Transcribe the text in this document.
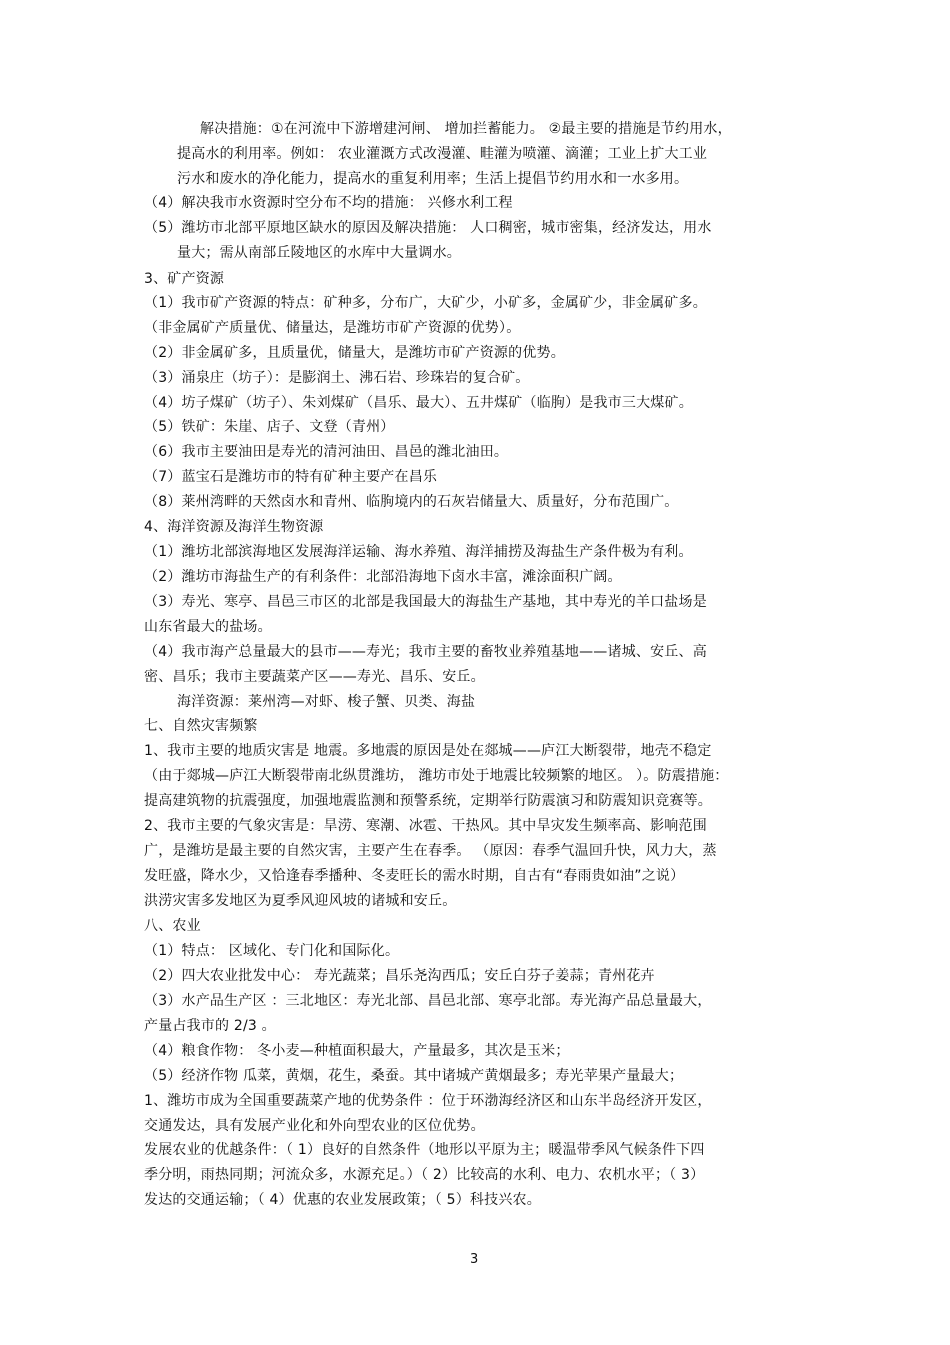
解决措施：①在河流中下游增建河闸、 增加拦蓄能力。 ②最主要的措施是节约用水，
提高水的利用率。例如： 农业灌溉方式改漫灌、畦灌为喷灌、滴灌；工业上扩大工业
污水和废水的净化能力，提高水的重复利用率；生活上提倡节约用水和一水多用。
（4）解决我市水资源时空分布不均的措施： 兴修水利工程
（5）潍坊市北部平原地区缺水的原因及解决措施： 人口稠密，城市密集，经济发达，用水
量大；需从南部丘陵地区的水库中大量调水。
3、矿产资源
（1）我市矿产资源的特点：矿种多，分布广，大矿少，小矿多，金属矿少，非金属矿多。
（非金属矿产质量优、储量达，是潍坊市矿产资源的优势）。
（2）非金属矿多，且质量优，储量大，是潍坊市矿产资源的优势。
（3）涌泉庄（坊子）：是膨润土、沸石岩、珍珠岩的复合矿。
（4）坊子煤矿（坊子）、朱刘煤矿（昌乐、最大）、五井煤矿（临朐）是我市三大煤矿。
（5）铁矿：朱崖、店子、文登（青州）
（6）我市主要油田是寿光的清河油田、昌邑的潍北油田。
（7）蓝宝石是潍坊市的特有矿种主要产在昌乐
（8）莱州湾畔的天然卤水和青州、临朐境内的石灰岩储量大、质量好，分布范围广。
4、海洋资源及海洋生物资源
（1）潍坊北部滨海地区发展海洋运输、海水养殖、海洋捕捞及海盐生产条件极为有利。
（2）潍坊市海盐生产的有利条件：北部沿海地下卤水丰富，滩涂面积广阔。
（3）寿光、寒亭、昌邑三市区的北部是我国最大的海盐生产基地，其中寿光的羊口盐场是
山东省最大的盐场。
（4）我市海产总量最大的县市——寿光；我市主要的畜牧业养殖基地——诸城、安丘、高
密、昌乐；我市主要蔬菜产区——寿光、昌乐、安丘。
海洋资源：莱州湾—对虾、梭子蟹、贝类、海盐
七、自然灾害频繁
1、我市主要的地质灾害是 地震。多地震的原因是处在郯城——庐江大断裂带，地壳不稳定
（由于郯城—庐江大断裂带南北纵贯潍坊， 潍坊市处于地震比较频繁的地区。 ）。防震措施：
提高建筑物的抗震强度，加强地震监测和预警系统，定期举行防震演习和防震知识竞赛等。
2、我市主要的气象灾害是：旱涝、寒潮、冰雹、干热风。其中旱灾发生频率高、影响范围
广，是潍坊是最主要的自然灾害，主要产生在春季。 （原因：春季气温回升快，风力大，蒸
发旺盛，降水少，又恰逢春季播种、冬麦旺长的需水时期，自古有“春雨贵如油”之说）
洪涝灾害多发地区为夏季风迎风坡的诸城和安丘。
八、农业
（1）特点： 区域化、专门化和国际化。
（2）四大农业批发中心： 寿光蔬菜；昌乐尧沟西瓜；安丘白芬子姜蒜；青州花卉
（3）水产品生产区 ：三北地区：寿光北部、昌邑北部、寒亭北部。寿光海产品总量最大，
产量占我市的 2/3 。
（4）粮食作物： 冬小麦—种植面积最大，产量最多，其次是玉米；
（5）经济作物 瓜菜，黄烟，花生，桑蚕。其中诸城产黄烟最多；寿光苹果产量最大；
1、潍坊市成为全国重要蔬菜产地的优势条件 ：位于环渤海经济区和山东半岛经济开发区，
交通发达，具有发展产业化和外向型农业的区位优势。
发展农业的优越条件：（ 1）良好的自然条件（地形以平原为主；暖温带季风气候条件下四
季分明，雨热同期；河流众多，水源充足。）（ 2）比较高的水利、电力、农机水平；（ 3）
发达的交通运输；（ 4）优惠的农业发展政策；（ 5）科技兴农。
3
